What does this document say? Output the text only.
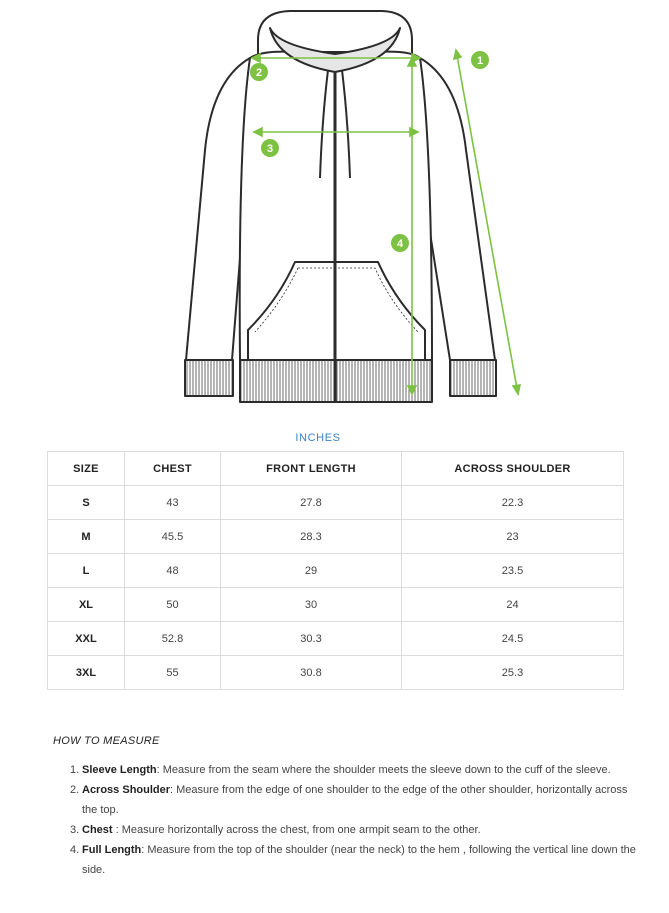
1
2
3
4
INCHES
SIZE	CHEST	FRONT LENGTH	ACROSS SHOULDER
S	43	27.8	22.3
M	45.5	28.3	23
L	48	29	23.5
XL	50	30	24
XXL	52.8	30.3	24.5
3XL	55	30.8	25.3
HOW TO MEASURE
1. Sleeve Length: Measure from the seam where the shoulder meets the sleeve down to the cuff of the sleeve.
2. Across Shoulder: Measure from the edge of one shoulder to the edge of the other shoulder, horizontally across the top.
3. Chest : Measure horizontally across the chest, from one armpit seam to the other.
4. Full Length: Measure from the top of the shoulder (near the neck) to the hem , following the vertical line down the side.
